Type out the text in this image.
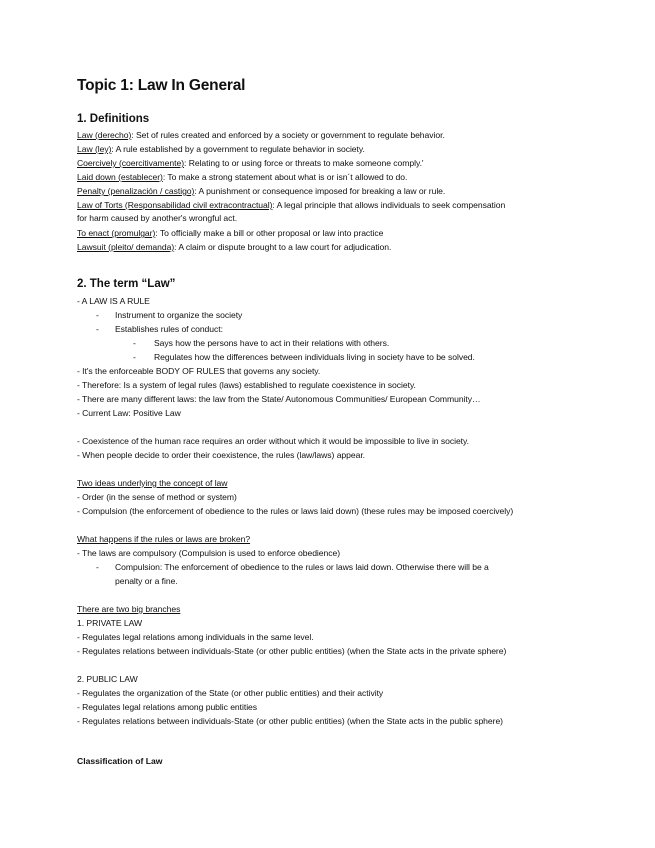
Topic 1: Law In General
1. Definitions
Law (derecho): Set of rules created and enforced by a society or government to regulate behavior.
Law (ley): A rule established by a government to regulate behavior in society.
Coercively (coercitivamente): Relating to or using force or threats to make someone comply.'
Laid down (establecer): To make a strong statement about what is or isn´t allowed to do.
Penalty (penalización / castigo): A punishment or consequence imposed for breaking a law or rule.
Law of Torts (Responsabilidad civil extracontractual): A legal principle that allows individuals to seek compensation
for harm caused by another's wrongful act.
To enact (promulgar): To officially make a bill or other proposal or law into practice
Lawsuit (pleito/ demanda): A claim or dispute brought to a law court for adjudication.
2. The term “Law”
- A LAW IS A RULE
- Instrument to organize the society
- Establishes rules of conduct:
- Says how the persons have to act in their relations with others.
- Regulates how the differences between individuals living in society have to be solved.
- It's the enforceable BODY OF RULES that governs any society.
- Therefore: Is a system of legal rules (laws) established to regulate coexistence in society.
- There are many different laws: the law from the State/ Autonomous Communities/ European Community…
- Current Law: Positive Law
- Coexistence of the human race requires an order without which it would be impossible to live in society.
- When people decide to order their coexistence, the rules (law/laws) appear.
Two ideas underlying the concept of law
- Order (in the sense of method or system)
- Compulsion (the enforcement of obedience to the rules or laws laid down) (these rules may be imposed coercively)
What happens if the rules or laws are broken?
- The laws are compulsory (Compulsion is used to enforce obedience)
- Compulsion: The enforcement of obedience to the rules or laws laid down. Otherwise there will be a
penalty or a fine.
There are two big branches
1. PRIVATE LAW
- Regulates legal relations among individuals in the same level.
- Regulates relations between individuals-State (or other public entities) (when the State acts in the private sphere)
2. PUBLIC LAW
- Regulates the organization of the State (or other public entities) and their activity
- Regulates legal relations among public entities
- Regulates relations between individuals-State (or other public entities) (when the State acts in the public sphere)
Classification of Law
